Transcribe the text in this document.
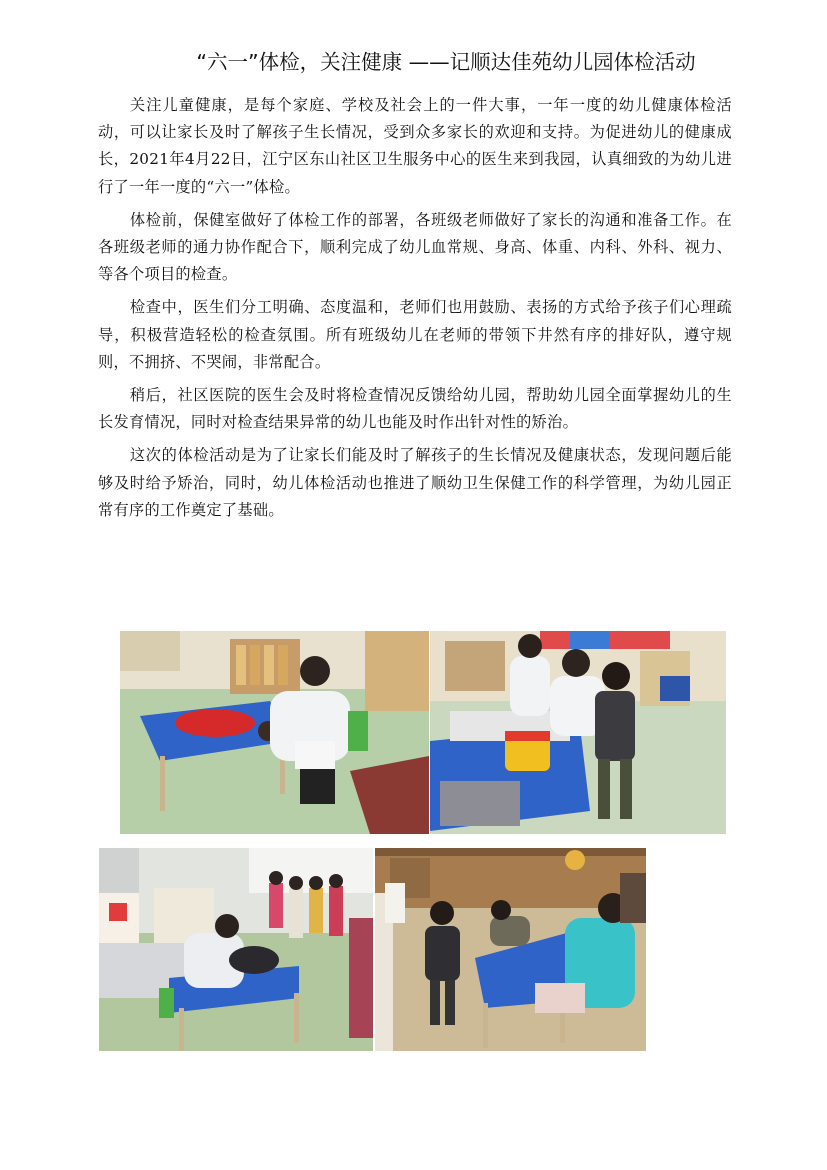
“六一”体检，关注健康 ——记顺达佳苑幼儿园体检活动

关注儿童健康，是每个家庭、学校及社会上的一件大事，一年一度的幼儿健康体检活动，可以让家长及时了解孩子生长情况，受到众多家长的欢迎和支持。为促进幼儿的健康成长，2021年4月22日，江宁区东山社区卫生服务中心的医生来到我园，认真细致的为幼儿进行了一年一度的“六一”体检。

体检前，保健室做好了体检工作的部署，各班级老师做好了家长的沟通和准备工作。在各班级老师的通力协作配合下，顺利完成了幼儿血常规、身高、体重、内科、外科、视力、等各个项目的检查。

检查中，医生们分工明确、态度温和，老师们也用鼓励、表扬的方式给予孩子们心理疏导，积极营造轻松的检查氛围。所有班级幼儿在老师的带领下井然有序的排好队，遵守规则，不拥挤、不哭闹，非常配合。

稍后，社区医院的医生会及时将检查情况反馈给幼儿园，帮助幼儿园全面掌握幼儿的生长发育情况，同时对检查结果异常的幼儿也能及时作出针对性的矫治。

这次的体检活动是为了让家长们能及时了解孩子的生长情况及健康状态，发现问题后能够及时给予矫治，同时，幼儿体检活动也推进了顺幼卫生保健工作的科学管理，为幼儿园正常有序的工作奠定了基础。
